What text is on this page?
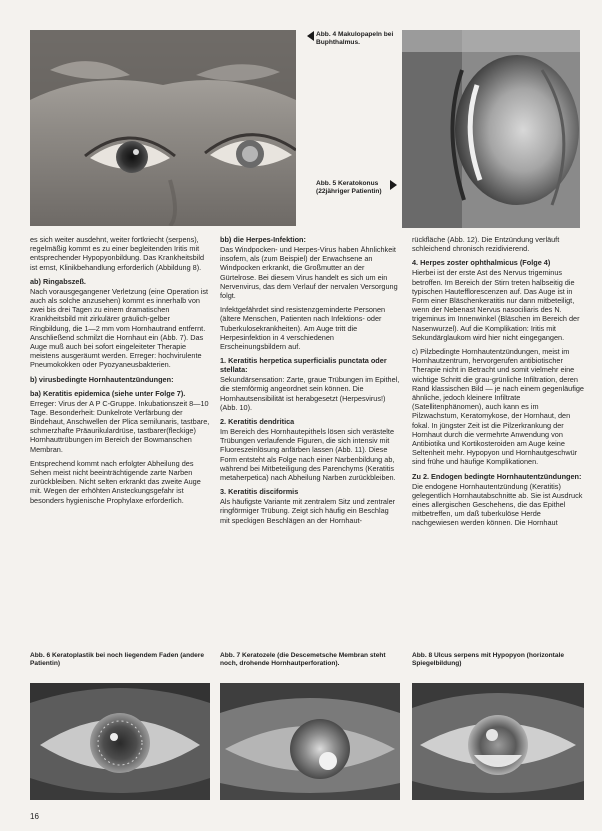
Abb. 4 Makulopapeln bei Buphthalmus.
Abb. 5 Keratokonus (22jähriger Patientin)

es sich weiter ausdehnt, weiter fortkriecht (serpens), regelmäßig kommt es zu einer begleitenden Iritis mit entsprechender Hypopyonbildung. Das Krankheitsbild ist ernst, Klinikbehandlung erforderlich (Abbildung 8).

ab) Ringabszeß.

Nach vorausgegangener Verletzung (eine Operation ist auch als solche anzusehen) kommt es innerhalb von zwei bis drei Tagen zu einem dramatischen Krankheitsbild mit zirkulärer gräulich-gelber Ringbildung, die 1—2 mm vom Hornhautrand entfernt. Anschließend schmilzt die Hornhaut ein (Abb. 7). Das Auge muß auch bei sofort eingeleiteter Therapie meistens ausgeräumt werden. Erreger: hochvirulente Pneumokokken oder Pyozyaneusbakterien.

b) virusbedingte Hornhautentzündungen:
ba) Keratitis epidemica (siehe unter Folge 7).

Erreger: Virus der A P C-Gruppe. Inkubationszeit 8—10 Tage. Besonderheit: Dunkelrote Verfärbung der Bindehaut, Anschwellen der Plica semilunaris, tastbare, schmerzhafte Präaurikulardrüse, tastbarer(fleckige) Hornhauttrübungen im Bereich der Bowmanschen Membran.

Entsprechend kommt nach erfolgter Abheilung des Sehen meist nicht beeinträchtigende zarte Narben zurückbleiben. Nicht selten erkrankt das zweite Auge mit. Wegen der erhöhten Ansteckungsgefahr ist besonders hygienische Prophylaxe erforderlich.

bb) die Herpes-Infektion:

Das Windpocken- und Herpes-Virus haben Ähnlichkeit insofern, als (zum Beispiel) der Erwachsene an Windpocken erkrankt, die Großmutter an der Gürtelrose. Bei diesem Virus handelt es sich um ein Nervenvirus, das dem Verlauf der nervalen Versorgung folgt.

Infektgefährdet sind resistenzgeminderte Personen (ältere Menschen, Patienten nach Infektions- oder Tuberkulosekrankheiten). Am Auge tritt die Herpesinfektion in 4 verschiedenen Erscheinungsbildern auf.

1. Keratitis herpetica superficialis punctata oder stellata:

Sekundärsensation: Zarte, graue Trübungen im Epithel, die sternförmig angeordnet sein können. Die Hornhautsensibilität ist herabgesetzt (Herpesvirus!) (Abb. 10).

2. Keratitis dendritica

Im Bereich des Hornhautepithels lösen sich verästelte Trübungen verlaufende Figuren, die sich intensiv mit Fluoreszeinlösung anfärben lassen (Abb. 11). Diese Form entsteht als Folge nach einer Narbenbildung ab, während bei Mitbeteiligung des Parenchyms (Keratitis metaherpetica) nach Abheilung Narben zurückbleiben.

3. Keratitis disciformis

Als häufigste Variante mit zentralem Sitz und zentraler ringförmiger Trübung. Zeigt sich häufig ein Beschlag mit speckigen Beschlägen an der Hornhaut-

rückfläche (Abb. 12). Die Entzündung verläuft schleichend chronisch rezidivierend.

4. Herpes zoster ophthalmicus (Folge 4)

Hierbei ist der erste Ast des Nervus trigeminus betroffen. Im Bereich der Stirn treten halbseitig die typischen Hautefflorescenzen auf. Das Auge ist in Form einer Bläschenkeratitis nur dann mitbeteiligt, wenn der Nebenast Nervus nasociliaris des N. trigeminus im Innenwinkel (Bläschen im Bereich der Nasenwurzel). Auf die Komplikation: Iritis mit Sekundärglaukom wird hier nicht eingegangen.

c) Pilzbedingte Hornhautentzündungen, meist im Hornhautzentrum, hervorgerufen antibiotischer Therapie nicht in Betracht und somit vielmehr eine wichtige Schritt die grau-grünliche Infiltration, deren Rand klassischen Bild — je nach einem gegenläufige ähnliche, jedoch kleinere Infiltrate (Satellitenphänomen), auch kann es im Pilzwachstum, Keratomykose, der Hornhaut, den fokal. In jüngster Zeit ist die Pilzerkrankung der Hornhaut durch die vermehrte Anwendung von Antibiotika und Kortikosteroiden am Auge keine Seltenheit mehr. Hypopyon und Hornhautgeschwür sind frühe und häufige Komplikationen.

Zu 2. Endogen bedingte Hornhautentzündungen:

Die endogene Hornhautentzündung (Keratitis) gelegentlich Hornhautabschnitte ab. Sie ist Ausdruck eines allergischen Geschehens, die das Epithel mitbetreffen, um daß tuberkulöse Herde nachgewiesen werden können. Die Hornhaut

Abb. 6 Keratoplastik bei noch liegendem Faden (andere Patientin)
Abb. 7 Keratozele (die Descemetsche Membran steht noch, drohende Hornhautperforation).
Abb. 8 Ulcus serpens mit Hypopyon (horizontale Spiegelbildung)
16
